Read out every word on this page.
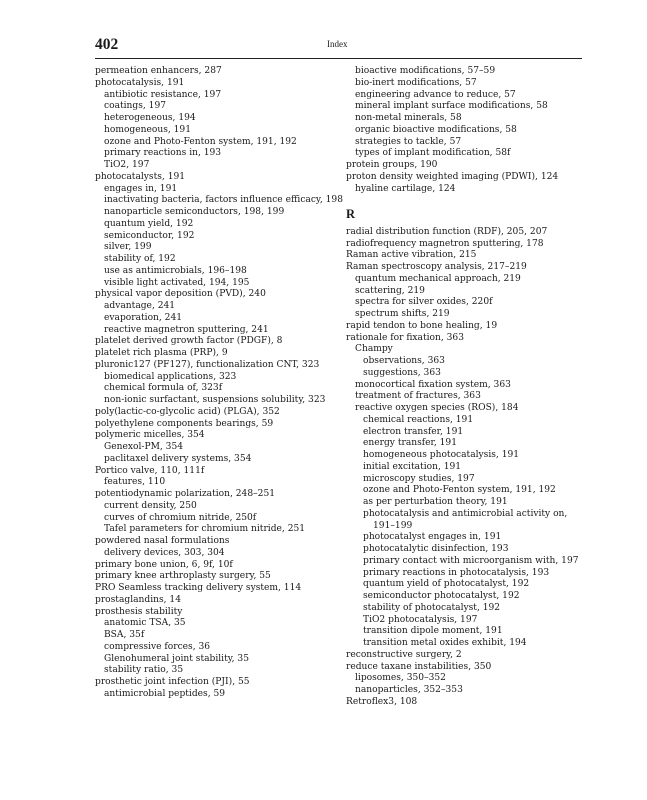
402	Index
permeation enhancers, 287
photocatalysis, 191
antibiotic resistance, 197
coatings, 197
heterogeneous, 194
homogeneous, 191
ozone and Photo-Fenton system, 191, 192
primary reactions in, 193
TiO2, 197
photocatalysts, 191
engages in, 191
inactivating bacteria, factors influence efficacy, 198
nanoparticle semiconductors, 198, 199
quantum yield, 192
semiconductor, 192
silver, 199
stability of, 192
use as antimicrobials, 196–198
visible light activated, 194, 195
physical vapor deposition (PVD), 240
advantage, 241
evaporation, 241
reactive magnetron sputtering, 241
platelet derived growth factor (PDGF), 8
platelet rich plasma (PRP), 9
pluronic127 (PF127), functionalization CNT, 323
biomedical applications, 323
chemical formula of, 323f
non-ionic surfactant, suspensions solubility, 323
poly(lactic-co-glycolic acid) (PLGA), 352
polyethylene components bearings, 59
polymeric micelles, 354
Genexol-PM, 354
paclitaxel delivery systems, 354
Portico valve, 110, 111f
features, 110
potentiodynamic polarization, 248–251
current density, 250
curves of chromium nitride, 250f
Tafel parameters for chromium nitride, 251
powdered nasal formulations
delivery devices, 303, 304
primary bone union, 6, 9f, 10f
primary knee arthroplasty surgery, 55
PRO Seamless tracking delivery system, 114
prostaglandins, 14
prosthesis stability
anatomic TSA, 35
BSA, 35f
compressive forces, 36
Glenohumeral joint stability, 35
stability ratio, 35
prosthetic joint infection (PJI), 55
antimicrobial peptides, 59
bioactive modifications, 57–59
bio-inert modifications, 57
engineering advance to reduce, 57
mineral implant surface modifications, 58
non-metal minerals, 58
organic bioactive modifications, 58
strategies to tackle, 57
types of implant modification, 58f
protein groups, 190
proton density weighted imaging (PDWI), 124
hyaline cartilage, 124
R
radial distribution function (RDF), 205, 207
radiofrequency magnetron sputtering, 178
Raman active vibration, 215
Raman spectroscopy analysis, 217–219
quantum mechanical approach, 219
scattering, 219
spectra for silver oxides, 220f
spectrum shifts, 219
rapid tendon to bone healing, 19
rationale for fixation, 363
Champy
observations, 363
suggestions, 363
monocortical fixation system, 363
treatment of fractures, 363
reactive oxygen species (ROS), 184
chemical reactions, 191
electron transfer, 191
energy transfer, 191
homogeneous photocatalysis, 191
initial excitation, 191
microscopy studies, 197
ozone and Photo-Fenton system, 191, 192
as per perturbation theory, 191
photocatalysis and antimicrobial activity on,
191–199
photocatalyst engages in, 191
photocatalytic disinfection, 193
primary contact with microorganism with, 197
primary reactions in photocatalysis, 193
quantum yield of photocatalyst, 192
semiconductor photocatalyst, 192
stability of photocatalyst, 192
TiO2 photocatalysis, 197
transition dipole moment, 191
transition metal oxides exhibit, 194
reconstructive surgery, 2
reduce taxane instabilities, 350
liposomes, 350–352
nanoparticles, 352–353
Retroflex3, 108
